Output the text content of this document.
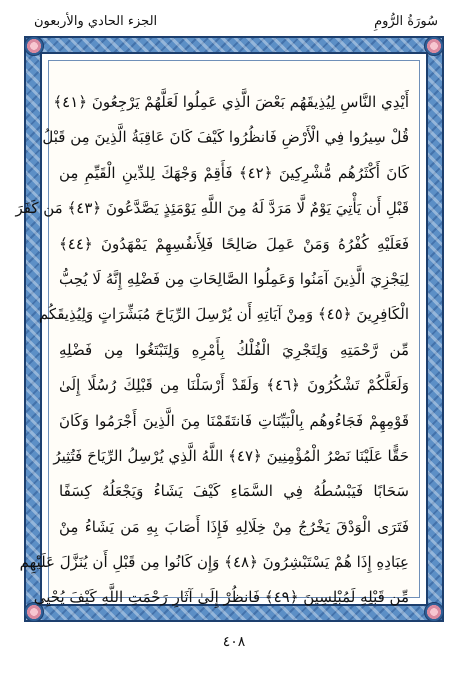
سُورَةُ الرُّومِ
الجزء الحادي والأربعون
أَيْدِي النَّاسِ لِيُذِيقَهُم بَعْضَ الَّذِي عَمِلُوا لَعَلَّهُمْ يَرْجِعُونَ ﴿٤١﴾
قُلْ سِيرُوا فِي الْأَرْضِ فَانظُرُوا كَيْفَ كَانَ عَاقِبَةُ الَّذِينَ مِن قَبْلُ
كَانَ أَكْثَرُهُم مُّشْرِكِينَ ﴿٤٢﴾ فَأَقِمْ وَجْهَكَ لِلدِّينِ الْقَيِّمِ مِن
قَبْلِ أَن يَأْتِيَ يَوْمٌ لَّا مَرَدَّ لَهُ مِنَ اللَّهِ يَوْمَئِذٍ يَصَّدَّعُونَ ﴿٤٣﴾ مَن كَفَرَ
فَعَلَيْهِ كُفْرُهُ وَمَنْ عَمِلَ صَالِحًا فَلِأَنفُسِهِمْ يَمْهَدُونَ ﴿٤٤﴾
لِيَجْزِيَ الَّذِينَ آمَنُوا وَعَمِلُوا الصَّالِحَاتِ مِن فَضْلِهِ إِنَّهُ لَا يُحِبُّ
الْكَافِرِينَ ﴿٤٥﴾ وَمِنْ آيَاتِهِ أَن يُرْسِلَ الرِّيَاحَ مُبَشِّرَاتٍ وَلِيُذِيقَكُم
مِّن رَّحْمَتِهِ وَلِتَجْرِيَ الْفُلْكُ بِأَمْرِهِ وَلِتَبْتَغُوا مِن فَضْلِهِ
وَلَعَلَّكُمْ تَشْكُرُونَ ﴿٤٦﴾ وَلَقَدْ أَرْسَلْنَا مِن قَبْلِكَ رُسُلًا إِلَىٰ
قَوْمِهِمْ فَجَاءُوهُم بِالْبَيِّنَاتِ فَانتَقَمْنَا مِنَ الَّذِينَ أَجْرَمُوا وَكَانَ
حَقًّا عَلَيْنَا نَصْرُ الْمُؤْمِنِينَ ﴿٤٧﴾ اللَّهُ الَّذِي يُرْسِلُ الرِّيَاحَ فَتُثِيرُ
سَحَابًا فَيَبْسُطُهُ فِي السَّمَاءِ كَيْفَ يَشَاءُ وَيَجْعَلُهُ كِسَفًا
فَتَرَى الْوَدْقَ يَخْرُجُ مِنْ خِلَالِهِ فَإِذَا أَصَابَ بِهِ مَن يَشَاءُ مِنْ
عِبَادِهِ إِذَا هُمْ يَسْتَبْشِرُونَ ﴿٤٨﴾ وَإِن كَانُوا مِن قَبْلِ أَن يُنَزَّلَ عَلَيْهِم
مِّن قَبْلِهِ لَمُبْلِسِينَ ﴿٤٩﴾ فَانظُرْ إِلَىٰ آثَارِ رَحْمَتِ اللَّهِ كَيْفَ يُحْيِي
٤٠٨
